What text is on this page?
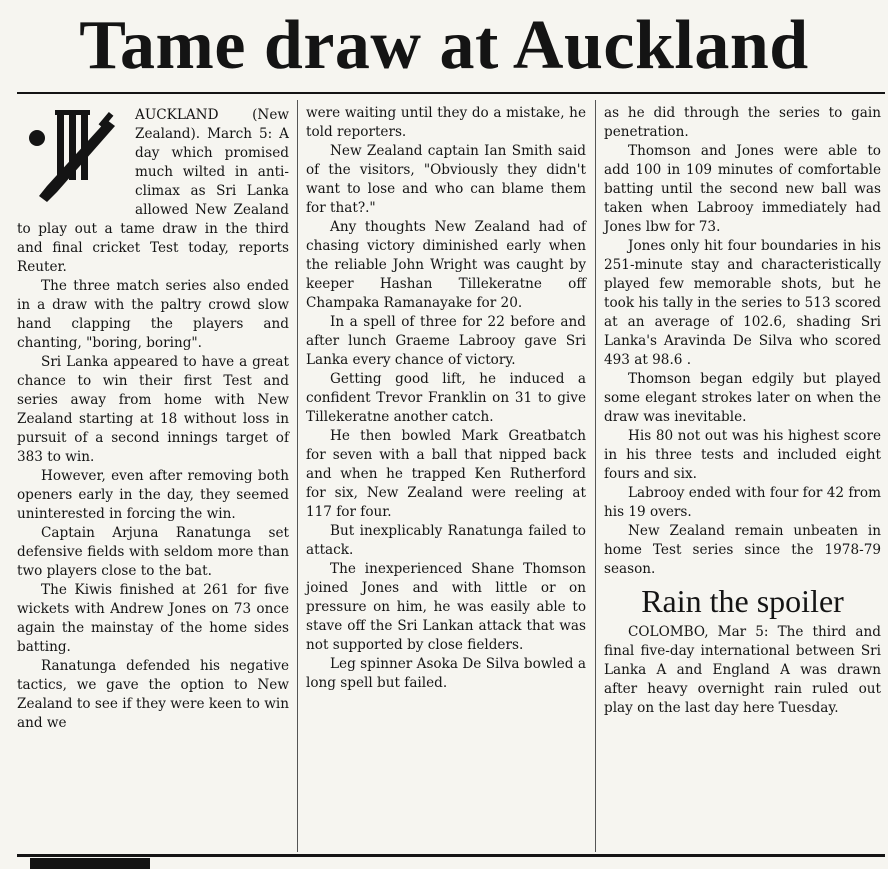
Tame draw at Auckland

AUCKLAND (New Zealand). March 5: A day which promised much wilted in anti-climax as Sri Lanka allowed New Zealand to play out a tame draw in the third and final cricket Test today, reports Reuter.

The three match series also ended in a draw with the paltry crowd slow hand clapping the players and chanting, "boring, boring".

Sri Lanka appeared to have a great chance to win their first Test and series away from home with New Zealand starting at 18 without loss in pursuit of a second innings target of 383 to win.

However, even after removing both openers early in the day, they seemed uninterested in forcing the win.

Captain Arjuna Ranatunga set defensive fields with seldom more than two players close to the bat.

The Kiwis finished at 261 for five wickets with Andrew Jones on 73 once again the mainstay of the home sides batting.

Ranatunga defended his negative tactics, we gave the option to New Zealand to see if they were keen to win and we

were waiting until they do a mistake, he told reporters.

New Zealand captain Ian Smith said of the visitors, "Obviously they didn't want to lose and who can blame them for that?."

Any thoughts New Zealand had of chasing victory diminished early when the reliable John Wright was caught by keeper Hashan Tillekeratne off Champaka Ramanayake for 20.

In a spell of three for 22 before and after lunch Graeme Labrooy gave Sri Lanka every chance of victory.

Getting good lift, he induced a confident Trevor Franklin on 31 to give Tillekeratne another catch.

He then bowled Mark Greatbatch for seven with a ball that nipped back and when he trapped Ken Rutherford for six, New Zealand were reeling at 117 for four.

But inexplicably Ranatunga failed to attack.

The inexperienced Shane Thomson joined Jones and with little or on pressure on him, he was easily able to stave off the Sri Lankan attack that was not supported by close fielders.

Leg spinner Asoka De Silva bowled a long spell but failed.

as he did through the series to gain penetration.

Thomson and Jones were able to add 100 in 109 minutes of comfortable batting until the second new ball was taken when Labrooy immediately had Jones lbw for 73.

Jones only hit four boundaries in his 251-minute stay and characteristically played few memorable shots, but he took his tally in the series to 513 scored at an average of 102.6, shading Sri Lanka's Aravinda De Silva who scored 493 at 98.6 .

Thomson began edgily but played some elegant strokes later on when the draw was inevitable.

His 80 not out was his highest score in his three tests and included eight fours and six.

Labrooy ended with four for 42 from his 19 overs.

New Zealand remain unbeaten in home Test series since the 1978-79 season.

Rain the spoiler

COLOMBO, Mar 5: The third and final five-day international between Sri Lanka A and England A was drawn after heavy overnight rain ruled out play on the last day here Tuesday.
